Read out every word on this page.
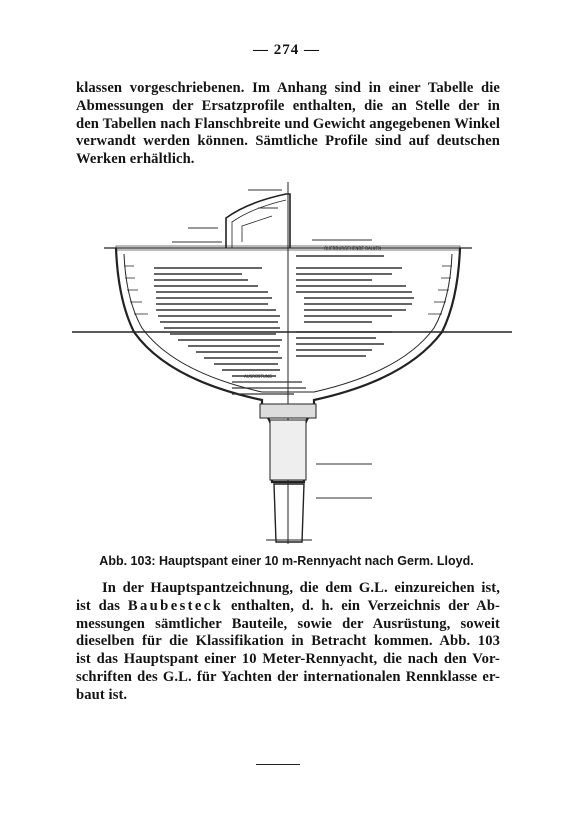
— 274 —
klassen vorgeschriebenen. Im Anhang sind in einer Tabelle die
Abmessungen der Ersatzprofile enthalten, die an Stelle der in
den Tabellen nach Flanschbreite und Gewicht angegebenen Winkel
verwandt werden können. Sämtliche Profile sind auf deutschen
Werken erhältlich.
QUERDURGEHENDE BALKEN
AUSRÜSTUNG
Abb. 103: Hauptspant einer 10 m-Rennyacht nach Germ. Lloyd.
In der Hauptspantzeichnung, die dem G.L. einzureichen ist,
ist das Baubesteck enthalten, d. h. ein Verzeichnis der Ab-
messungen sämtlicher Bauteile, sowie der Ausrüstung, soweit
dieselben für die Klassifikation in Betracht kommen. Abb. 103
ist das Hauptspant einer 10 Meter-Rennyacht, die nach den Vor-
schriften des G.L. für Yachten der internationalen Rennklasse er-
baut ist.
